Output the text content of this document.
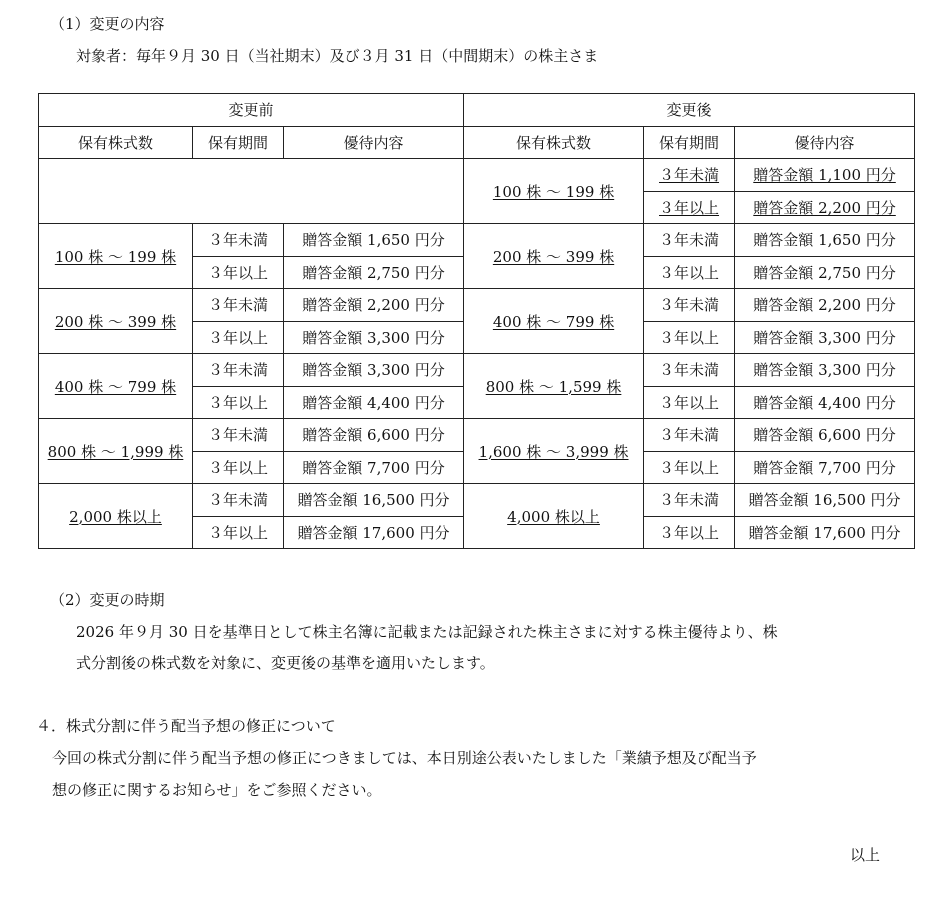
（1）変更の内容
対象者：毎年９月 30 日（当社期末）及び３月 31 日（中間期末）の株主さま
変更前			変更後		
保有株式数	保有期間	優待内容	保有株式数	保有期間	優待内容
			100 株 ～ 199 株	３年未満	贈答金額 1,100 円分
				３年以上	贈答金額 2,200 円分
100 株 ～ 199 株	３年未満	贈答金額 1,650 円分	200 株 ～ 399 株	３年未満	贈答金額 1,650 円分
	３年以上	贈答金額 2,750 円分		３年以上	贈答金額 2,750 円分
200 株 ～ 399 株	３年未満	贈答金額 2,200 円分	400 株 ～ 799 株	３年未満	贈答金額 2,200 円分
	３年以上	贈答金額 3,300 円分		３年以上	贈答金額 3,300 円分
400 株 ～ 799 株	３年未満	贈答金額 3,300 円分	800 株 ～ 1,599 株	３年未満	贈答金額 3,300 円分
	３年以上	贈答金額 4,400 円分		３年以上	贈答金額 4,400 円分
800 株 ～ 1,999 株	３年未満	贈答金額 6,600 円分	1,600 株 ～ 3,999 株	３年未満	贈答金額 6,600 円分
	３年以上	贈答金額 7,700 円分		３年以上	贈答金額 7,700 円分
2,000 株以上	３年未満	贈答金額 16,500 円分	4,000 株以上	３年未満	贈答金額 16,500 円分
	３年以上	贈答金額 17,600 円分		３年以上	贈答金額 17,600 円分
（2）変更の時期
2026 年９月 30 日を基準日として株主名簿に記載または記録された株主さまに対する株主優待より、株
式分割後の株式数を対象に、変更後の基準を適用いたします。
４．株式分割に伴う配当予想の修正について
今回の株式分割に伴う配当予想の修正につきましては、本日別途公表いたしました「業績予想及び配当予
想の修正に関するお知らせ」をご参照ください。
以上
